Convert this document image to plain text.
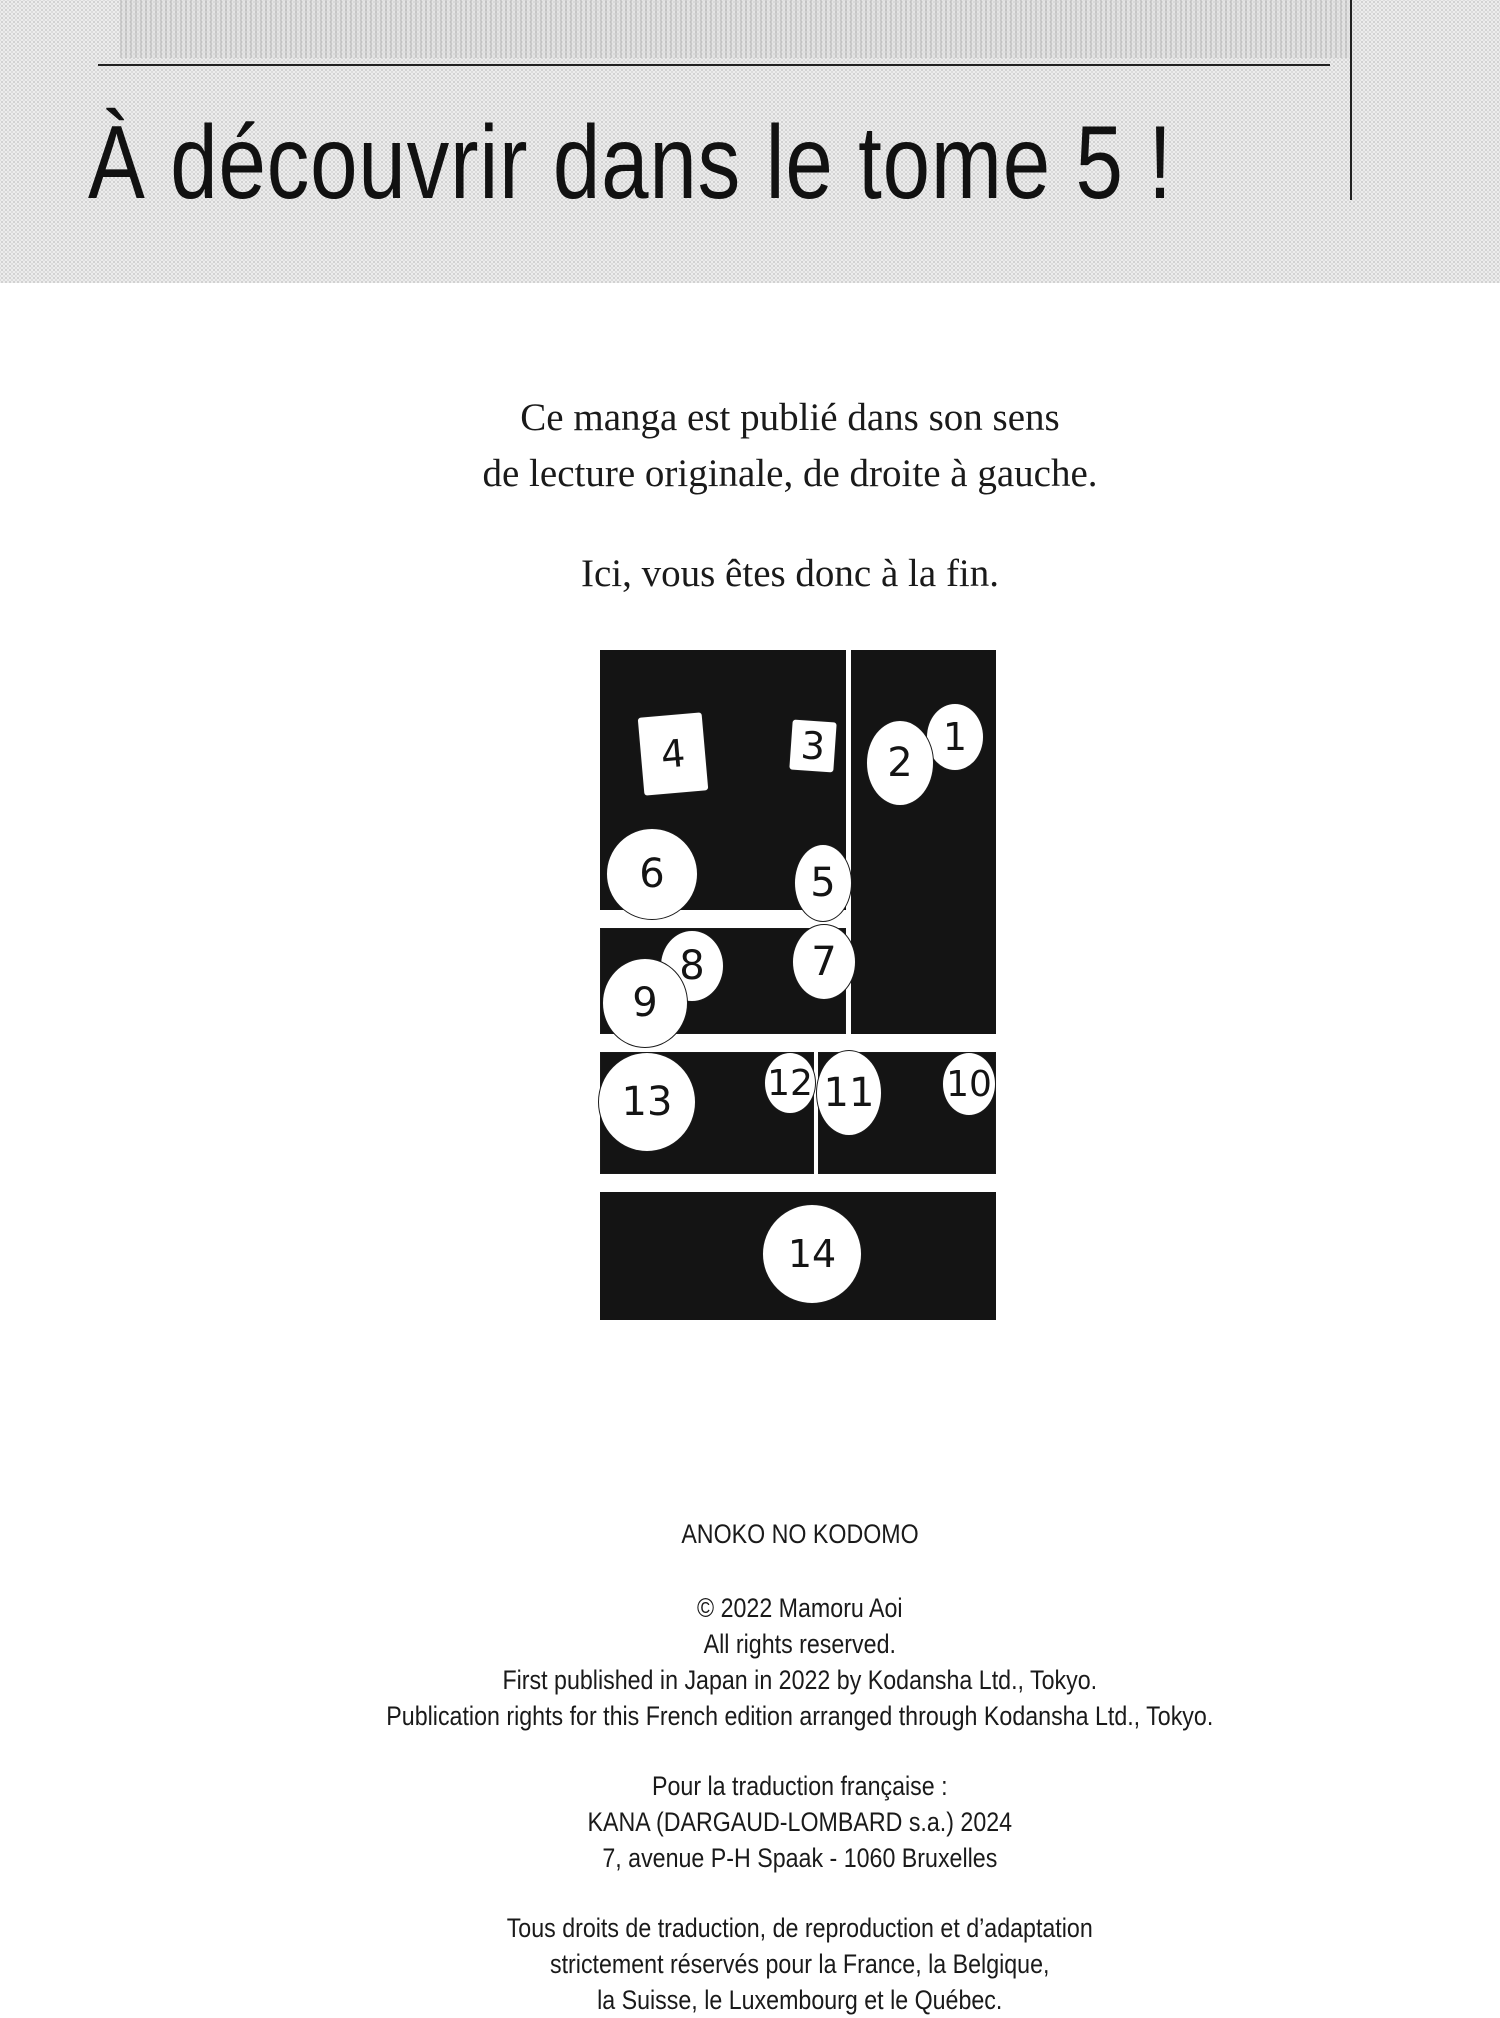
À découvrir dans le tome 5 !

Ce manga est publié dans son sens

de lecture originale, de droite à gauche.

Ici, vous êtes donc à la fin.

1
2
3
4
5
6
7
8
9
10
11
12
13
14
ANOKO NO KODOMO
© 2022 Mamoru Aoi
All rights reserved.
First published in Japan in 2022 by Kodansha Ltd., Tokyo.
Publication rights for this French edition arranged through Kodansha Ltd., Tokyo.
Pour la traduction française :
KANA (DARGAUD-LOMBARD s.a.) 2024
7, avenue P-H Spaak - 1060 Bruxelles
Tous droits de traduction, de reproduction et d’adaptation
strictement réservés pour la France, la Belgique,
la Suisse, le Luxembourg et le Québec.
